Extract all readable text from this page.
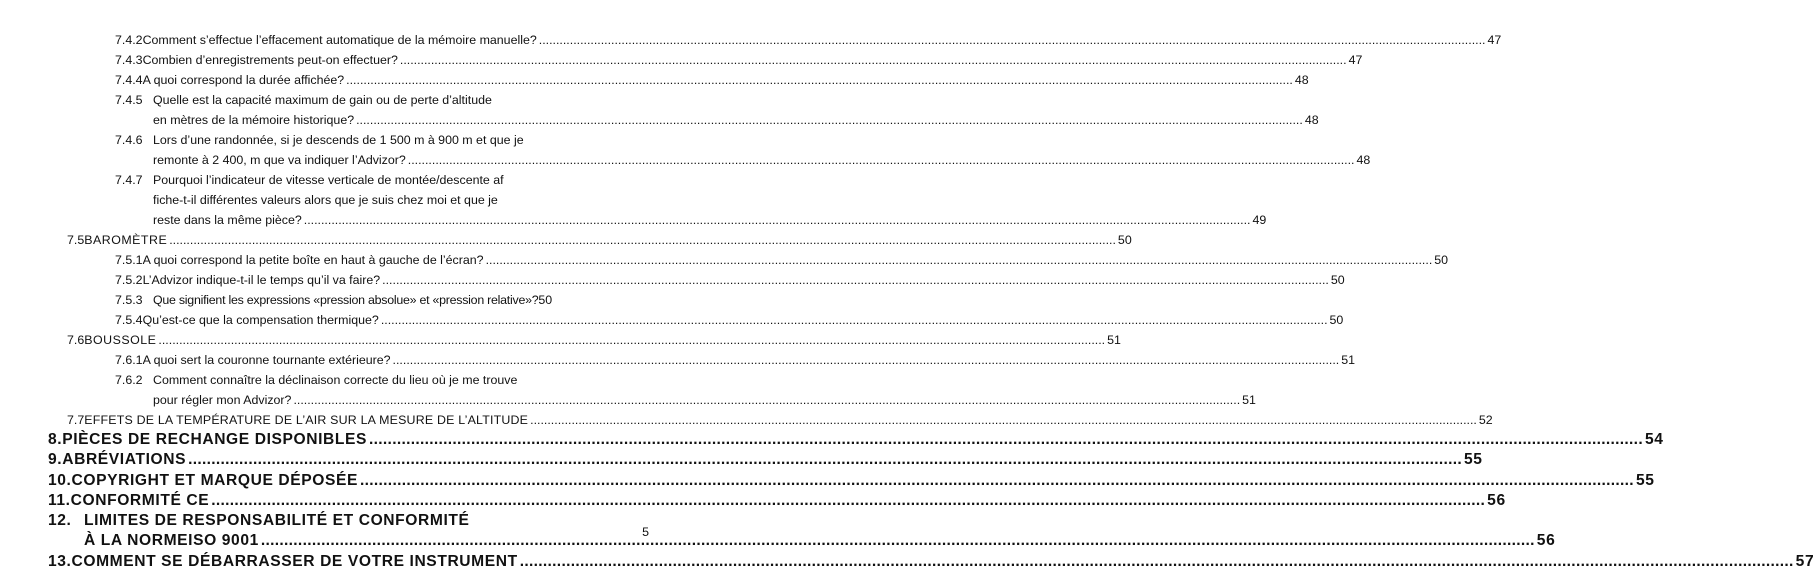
7.4.2 Comment s’effectue l’effacement automatique de la mémoire manuelle? .....	47
7.4.3 Combien d’enregistrements peut-on effectuer? .....	47
7.4.4 A quoi correspond la durée affichée? .....	48
7.4.5 Quelle est la capacité maximum de gain ou de perte d’altitude
en mètres de la mémoire historique? .....	48
7.4.6 Lors d’une randonnée, si je descends de 1 500 m à 900 m et que je
remonte à 2 400, m que va indiquer l’Advizor? .....	48
7.4.7 Pourquoi l’indicateur de vitesse verticale de montée/descente af
fiche-t-il différentes valeurs alors que je suis chez moi et que je
reste dans la même pièce? .....	49
7.5 BAROMÈTRE .....	50
7.5.1 A quoi correspond la petite boîte en haut à gauche de l’écran? .....	50
7.5.2 L’Advizor indique-t-il le temps qu’il va faire? .....	50
7.5.3 Que signifient les expressions «pression absolue» et «pression relative»? 50
7.5.4 Qu’est-ce que la compensation thermique? .....	50
7.6 BOUSSOLE .....	51
7.6.1 A quoi sert la couronne tournante extérieure? .....	51
7.6.2 Comment connaître la déclinaison correcte du lieu où je me trouve
pour régler mon Advizor? .....	51
7.7 EFFETS DE LA TEMPÉRATURE DE L’AIR SUR LA MESURE DE L’ALTITUDE .....	52
8. PIÈCES DE RECHANGE DISPONIBLES .....	54
9. ABRÉVIATIONS .....	55
10. COPYRIGHT ET MARQUE DÉPOSÉE .....	55
11. CONFORMITÉ CE .....	56
12. LIMITES DE RESPONSABILITÉ ET CONFORMITÉ
À LA NORMEISO 9001 .....	56
13. COMMENT SE DÉBARRASSER DE VOTRE INSTRUMENT .....	57
5
